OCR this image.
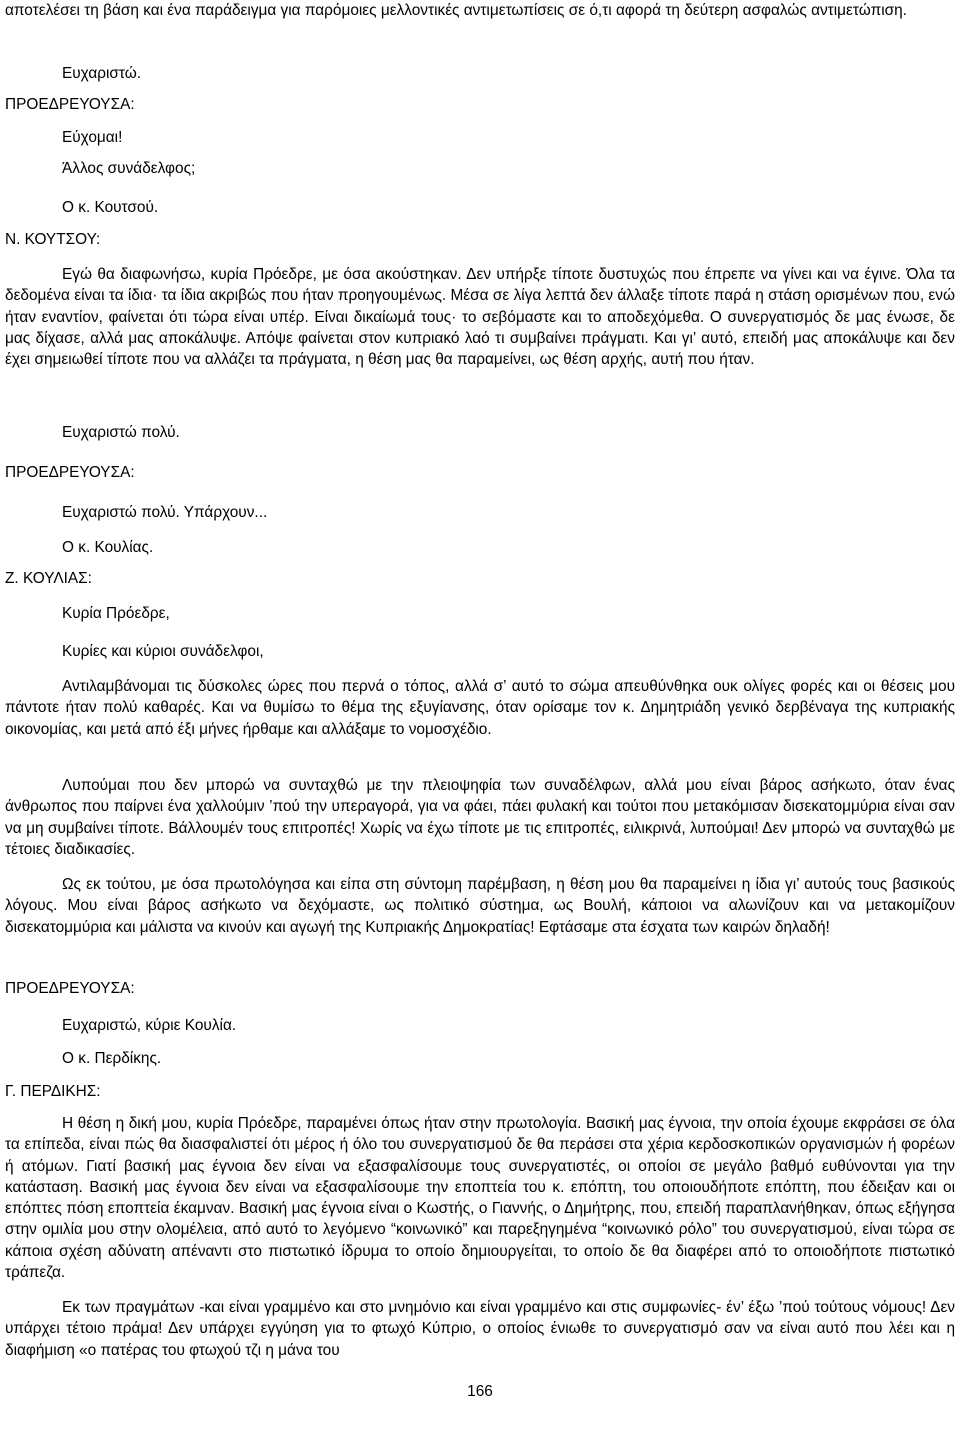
αποτελέσει τη βάση και ένα παράδειγμα για παρόμοιες μελλοντικές αντιμετωπίσεις σε ό,τι αφορά τη δεύτερη ασφαλώς αντιμετώπιση.
Ευχαριστώ.
ΠΡΟΕΔΡΕΥΟΥΣΑ:
Εύχομαι!
Άλλος συνάδελφος;
Ο κ. Κουτσού.
Ν. ΚΟΥΤΣΟΥ:
Εγώ θα διαφωνήσω, κυρία Πρόεδρε, με όσα ακούστηκαν. Δεν υπήρξε τίποτε δυστυχώς που έπρεπε να γίνει και να έγινε. Όλα τα δεδομένα είναι τα ίδια· τα ίδια ακριβώς που ήταν προηγουμένως. Μέσα σε λίγα λεπτά δεν άλλαξε τίποτε παρά η στάση ορισμένων που, ενώ ήταν εναντίον, φαίνεται ότι τώρα είναι υπέρ. Είναι δικαίωμά τους· το σεβόμαστε και το αποδεχόμεθα. Ο συνεργατισμός δε μας ένωσε, δε μας δίχασε, αλλά μας αποκάλυψε. Απόψε φαίνεται στον κυπριακό λαό τι συμβαίνει πράγματι. Και γι’ αυτό, επειδή μας αποκάλυψε και δεν έχει σημειωθεί τίποτε που να αλλάζει τα πράγματα, η θέση μας θα παραμείνει, ως θέση αρχής, αυτή που ήταν.
Ευχαριστώ πολύ.
ΠΡΟΕΔΡΕΥΟΥΣΑ:
Ευχαριστώ πολύ. Υπάρχουν...
Ο κ. Κουλίας.
Ζ. ΚΟΥΛΙΑΣ:
Κυρία Πρόεδρε,
Κυρίες και κύριοι συνάδελφοι,
Αντιλαμβάνομαι τις δύσκολες ώρες που περνά ο τόπος, αλλά σ’ αυτό το σώμα απευθύνθηκα ουκ ολίγες φορές και οι θέσεις μου πάντοτε ήταν πολύ καθαρές. Και να θυμίσω το θέμα της εξυγίανσης, όταν ορίσαμε τον κ. Δημητριάδη γενικό δερβέναγα της κυπριακής οικονομίας, και μετά από έξι μήνες ήρθαμε και αλλάξαμε το νομοσχέδιο.
Λυπούμαι που δεν μπορώ να συνταχθώ με την πλειοψηφία των συναδέλφων, αλλά μου είναι βάρος ασήκωτο, όταν ένας άνθρωπος που παίρνει ένα χαλλούμιν ’πού την υπεραγορά, για να φάει, πάει φυλακή και τούτοι που μετακόμισαν δισεκατομμύρια είναι σαν να μη συμβαίνει τίποτε. Βάλλουμέν τους επιτροπές! Χωρίς να έχω τίποτε με τις επιτροπές, ειλικρινά, λυπούμαι! Δεν μπορώ να συνταχθώ με τέτοιες διαδικασίες.
Ως εκ τούτου, με όσα πρωτολόγησα και είπα στη σύντομη παρέμβαση, η θέση μου θα παραμείνει η ίδια γι’ αυτούς τους βασικούς λόγους. Μου είναι βάρος ασήκωτο να δεχόμαστε, ως πολιτικό σύστημα, ως Βουλή, κάποιοι να αλωνίζουν και να μετακομίζουν δισεκατομμύρια και μάλιστα να κινούν και αγωγή της Κυπριακής Δημοκρατίας! Εφτάσαμε στα έσχατα των καιρών δηλαδή!
ΠΡΟΕΔΡΕΥΟΥΣΑ:
Ευχαριστώ, κύριε Κουλία.
Ο κ. Περδίκης.
Γ. ΠΕΡΔΙΚΗΣ:
Η θέση η δική μου, κυρία Πρόεδρε, παραμένει όπως ήταν στην πρωτολογία. Βασική μας έγνοια, την οποία έχουμε εκφράσει σε όλα τα επίπεδα, είναι πώς θα διασφαλιστεί ότι μέρος ή όλο του συνεργατισμού δε θα περάσει στα χέρια κερδοσκοπικών οργανισμών ή φορέων ή ατόμων. Γιατί βασική μας έγνοια δεν είναι να εξασφαλίσουμε τους συνεργατιστές, οι οποίοι σε μεγάλο βαθμό ευθύνονται για την κατάσταση. Βασική μας έγνοια δεν είναι να εξασφαλίσουμε την εποπτεία του κ. επόπτη, του οποιουδήποτε επόπτη, που έδειξαν και οι επόπτες πόση εποπτεία έκαμναν. Βασική μας έγνοια είναι ο Κωστής, ο Γιαννής, ο Δημήτρης, που, επειδή παραπλανήθηκαν, όπως εξήγησα στην ομιλία μου στην ολομέλεια, από αυτό το λεγόμενο “κοινωνικό” και παρεξηγημένα “κοινωνικό ρόλο” του συνεργατισμού, είναι τώρα σε κάποια σχέση αδύνατη απέναντι στο πιστωτικό ίδρυμα το οποίο δημιουργείται, το οποίο δε θα διαφέρει από το οποιοδήποτε πιστωτικό τράπεζα.
Εκ των πραγμάτων -και είναι γραμμένο και στο μνημόνιο και είναι γραμμένο και στις συμφωνίες- έν’ έξω ’πού τούτους νόμους! Δεν υπάρχει τέτοιο πράμα! Δεν υπάρχει εγγύηση για το φτωχό Κύπριο, ο οποίος ένιωθε το συνεργατισμό σαν να είναι αυτό που λέει και η διαφήμιση «ο πατέρας του φτωχού τζι η μάνα του
166
